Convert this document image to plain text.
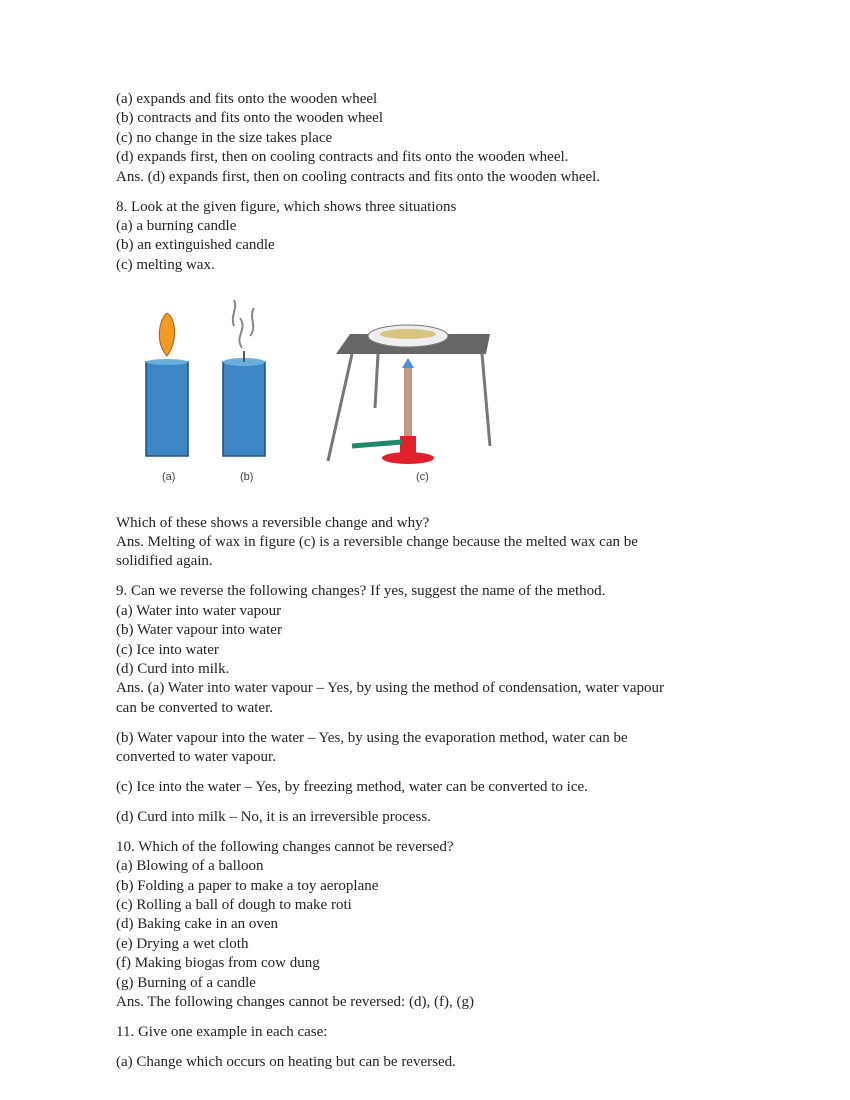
(a) expands and fits onto the wooden wheel
(b) contracts and fits onto the wooden wheel
(c) no change in the size takes place
(d) expands first, then on cooling contracts and fits onto the wooden wheel.
Ans. (d) expands first, then on cooling contracts and fits onto the wooden wheel.
8. Look at the given figure, which shows three situations
(a) a burning candle
(b) an extinguished candle
(c) melting wax.
(a)	(b)	(c)
Which of these shows a reversible change and why?
Ans. Melting of wax in figure (c) is a reversible change because the melted wax can be
solidified again.
9. Can we reverse the following changes? If yes, suggest the name of the method.
(a) Water into water vapour
(b) Water vapour into water
(c) Ice into water
(d) Curd into milk.
Ans. (a) Water into water vapour – Yes, by using the method of condensation, water vapour
can be converted to water.
(b) Water vapour into the water – Yes, by using the evaporation method, water can be
converted to water vapour.
(c) Ice into the water – Yes, by freezing method, water can be converted to ice.
(d) Curd into milk – No, it is an irreversible process.
10. Which of the following changes cannot be reversed?
(a) Blowing of a balloon
(b) Folding a paper to make a toy aeroplane
(c) Rolling a ball of dough to make roti
(d) Baking cake in an oven
(e) Drying a wet cloth
(f) Making biogas from cow dung
(g) Burning of a candle
Ans. The following changes cannot be reversed: (d), (f), (g)
11. Give one example in each case:
(a) Change which occurs on heating but can be reversed.
